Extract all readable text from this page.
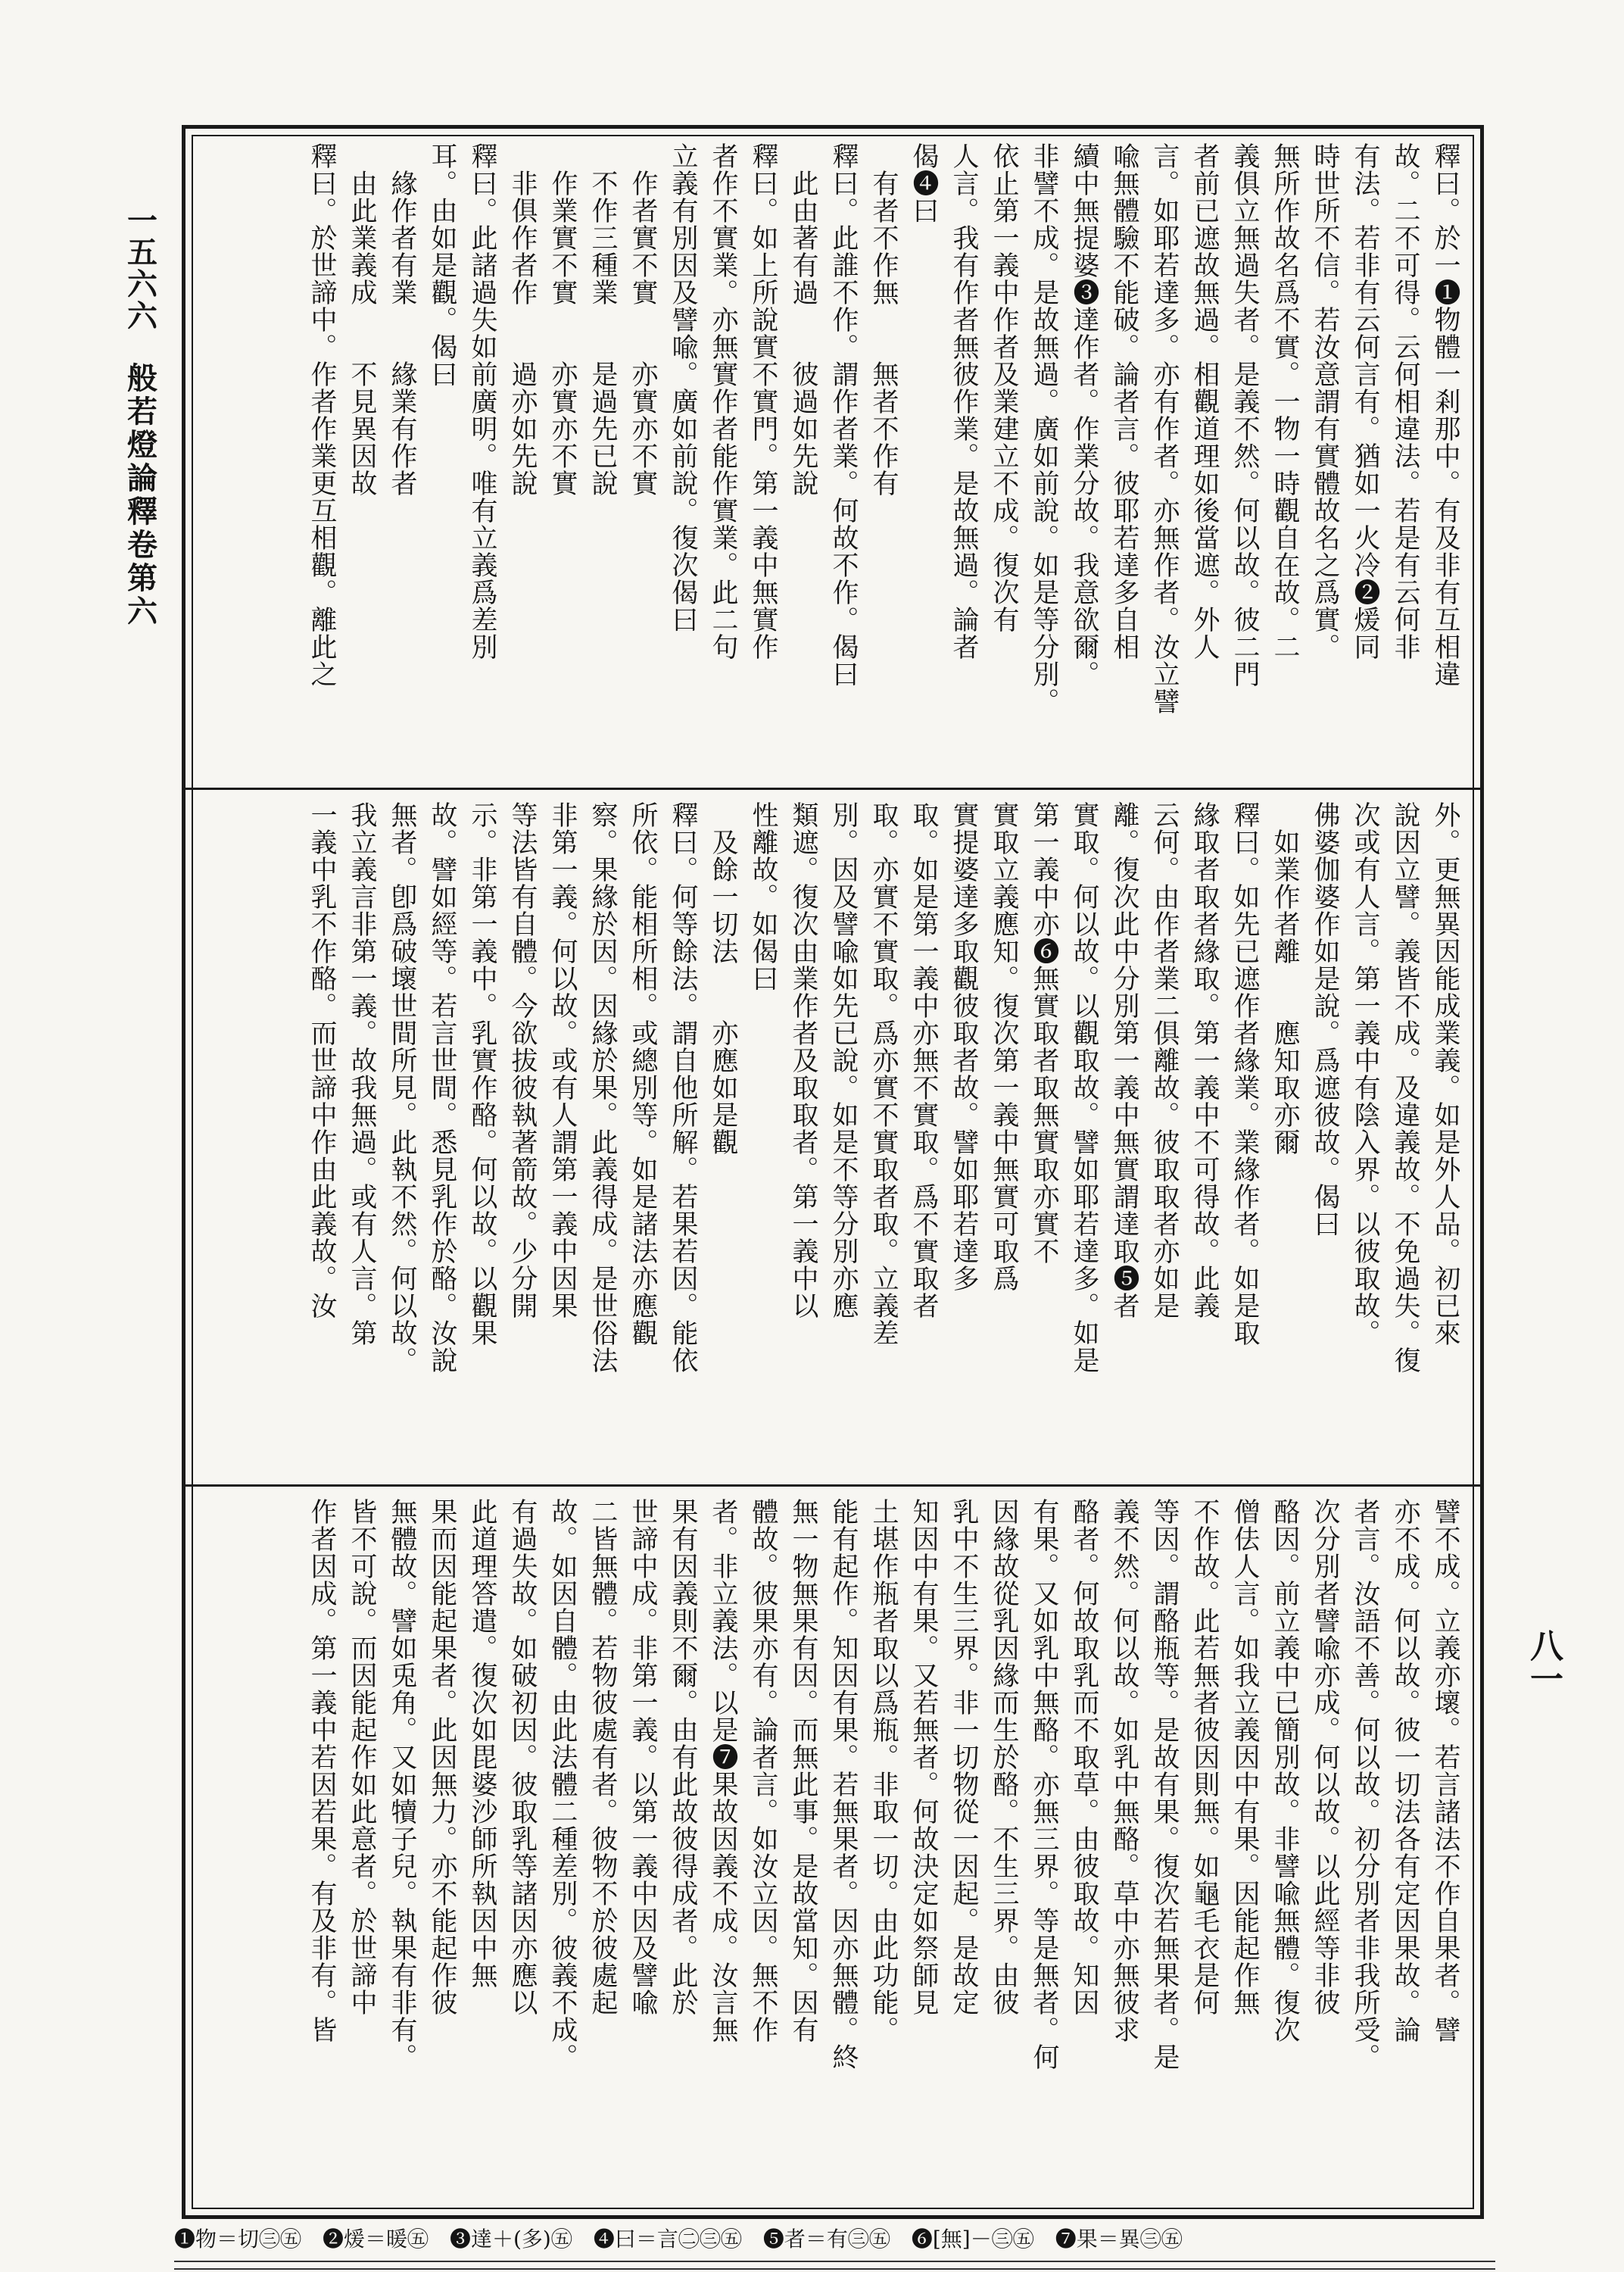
一五六六
般若燈論釋卷第六
八一
釋曰。於一❶物體一剎那中。有及非有互相違
故。二不可得。云何相違法。若是有云何非
有法。若非有云何言有。猶如一火冷❷煖同
時世所不信。若汝意謂有實體故名之爲實。
無所作故名爲不實。一物一時觀自在故。二
義俱立無過失者。是義不然。何以故。彼二門
者前已遮故無過。相觀道理如後當遮。外人
言。如耶若達多。亦有作者。亦無作者。汝立譬
喩無體驗不能破。論者言。彼耶若達多自相
續中無提婆❸達作者。作業分故。我意欲爾。
非譬不成。是故無過。廣如前說。如是等分別。
依止第一義中作者及業建立不成。復次有
人言。我有作者無彼作業。是故無過。論者
偈❹曰
　有者不作無　　無者不作有
釋曰。此誰不作。謂作者業。何故不作。偈曰
　此由著有過　　彼過如先說
釋曰。如上所說實不實門。第一義中無實作
者作不實業。亦無實作者能作實業。此二句
立義有別因及譬喩。廣如前說。復次偈曰
　作者實不實　　亦實亦不實
　不作三種業　　是過先已說
　作業實不實　　亦實亦不實
　非俱作者作　　過亦如先說
釋曰。此諸過失如前廣明。唯有立義爲差別
耳。由如是觀。偈曰
　緣作者有業　　緣業有作者
　由此業義成　　不見異因故
釋曰。於世諦中。作者作業更互相觀。離此之
外。更無異因能成業義。如是外人品。初已來
說因立譬。義皆不成。及違義故。不免過失。復
次或有人言。第一義中有陰入界。以彼取故。
佛婆伽婆作如是說。爲遮彼故。偈曰
　如業作者離　　應知取亦爾
釋曰。如先已遮作者緣業。業緣作者。如是取
緣取者取者緣取。第一義中不可得故。此義
云何。由作者業二俱離故。彼取取者亦如是
離。復次此中分別第一義中無實謂達取❺者
實取。何以故。以觀取故。譬如耶若達多。如是
第一義中亦❻無實取者取無實取亦實不
實取立義應知。復次第一義中無實可取爲
實提婆達多取觀彼取者故。譬如耶若達多
取。如是第一義中亦無不實取。爲不實取者
取。亦實不實取。爲亦實不實取者取。立義差
別。因及譬喩如先已說。如是不等分別亦應
類遮。復次由業作者及取取者。第一義中以
性離故。如偈曰
　及餘一切法　　亦應如是觀
釋曰。何等餘法。謂自他所解。若果若因。能依
所依。能相所相。或總別等。如是諸法亦應觀
察。果緣於因。因緣於果。此義得成。是世俗法
非第一義。何以故。或有人謂第一義中因果
等法皆有自體。今欲拔彼執著箭故。少分開
示。非第一義中。乳實作酪。何以故。以觀果
故。譬如經等。若言世間。悉見乳作於酪。汝說
無者。卽爲破壞世間所見。此執不然。何以故。
我立義言非第一義。故我無過。或有人言。第
一義中乳不作酪。而世諦中作由此義故。汝
譬不成。立義亦壞。若言諸法不作自果者。譬
亦不成。何以故。彼一切法各有定因果故。論
者言。汝語不善。何以故。初分別者非我所受。
次分別者譬喩亦成。何以故。以此經等非彼
酪因。前立義中已簡別故。非譬喩無體。復次
僧佉人言。如我立義因中有果。因能起作無
不作故。此若無者彼因則無。如龜毛衣是何
等因。謂酪瓶等。是故有果。復次若無果者。是
義不然。何以故。如乳中無酪。草中亦無彼求
酪者。何故取乳而不取草。由彼取故。知因
有果。又如乳中無酪。亦無三界。等是無者。何
因緣故從乳因緣而生於酪。不生三界。由彼
乳中不生三界。非一切物從一因起。是故定
知因中有果。又若無者。何故決定如祭師見
土堪作瓶者取以爲瓶。非取一切。由此功能。
能有起作。知因有果。若無果者。因亦無體。終
無一物無果有因。而無此事。是故當知。因有
體故。彼果亦有。論者言。如汝立因。無不作
者。非立義法。以是❼果故因義不成。汝言無
果有因義則不爾。由有此故彼得成者。此於
世諦中成。非第一義。以第一義中因及譬喩
二皆無體。若物彼處有者。彼物不於彼處起
故。如因自體。由此法體二種差別。彼義不成。
有過失故。如破初因。彼取乳等諸因亦應以
此道理答遣。復次如毘婆沙師所執因中無
果而因能起果者。此因無力。亦不能起作彼
無體故。譬如兎角。又如犢子兒。執果有非有。
皆不可說。而因能起作如此意者。於世諦中
作者因成。第一義中若因若果。有及非有。皆
❶物＝切㊂㊄　❷煖＝暖㊄　❸達＋(多)㊄　❹曰＝言㊁㊂㊄　❺者＝有㊂㊄　❻[無]－㊂㊄　❼果＝異㊂㊄
